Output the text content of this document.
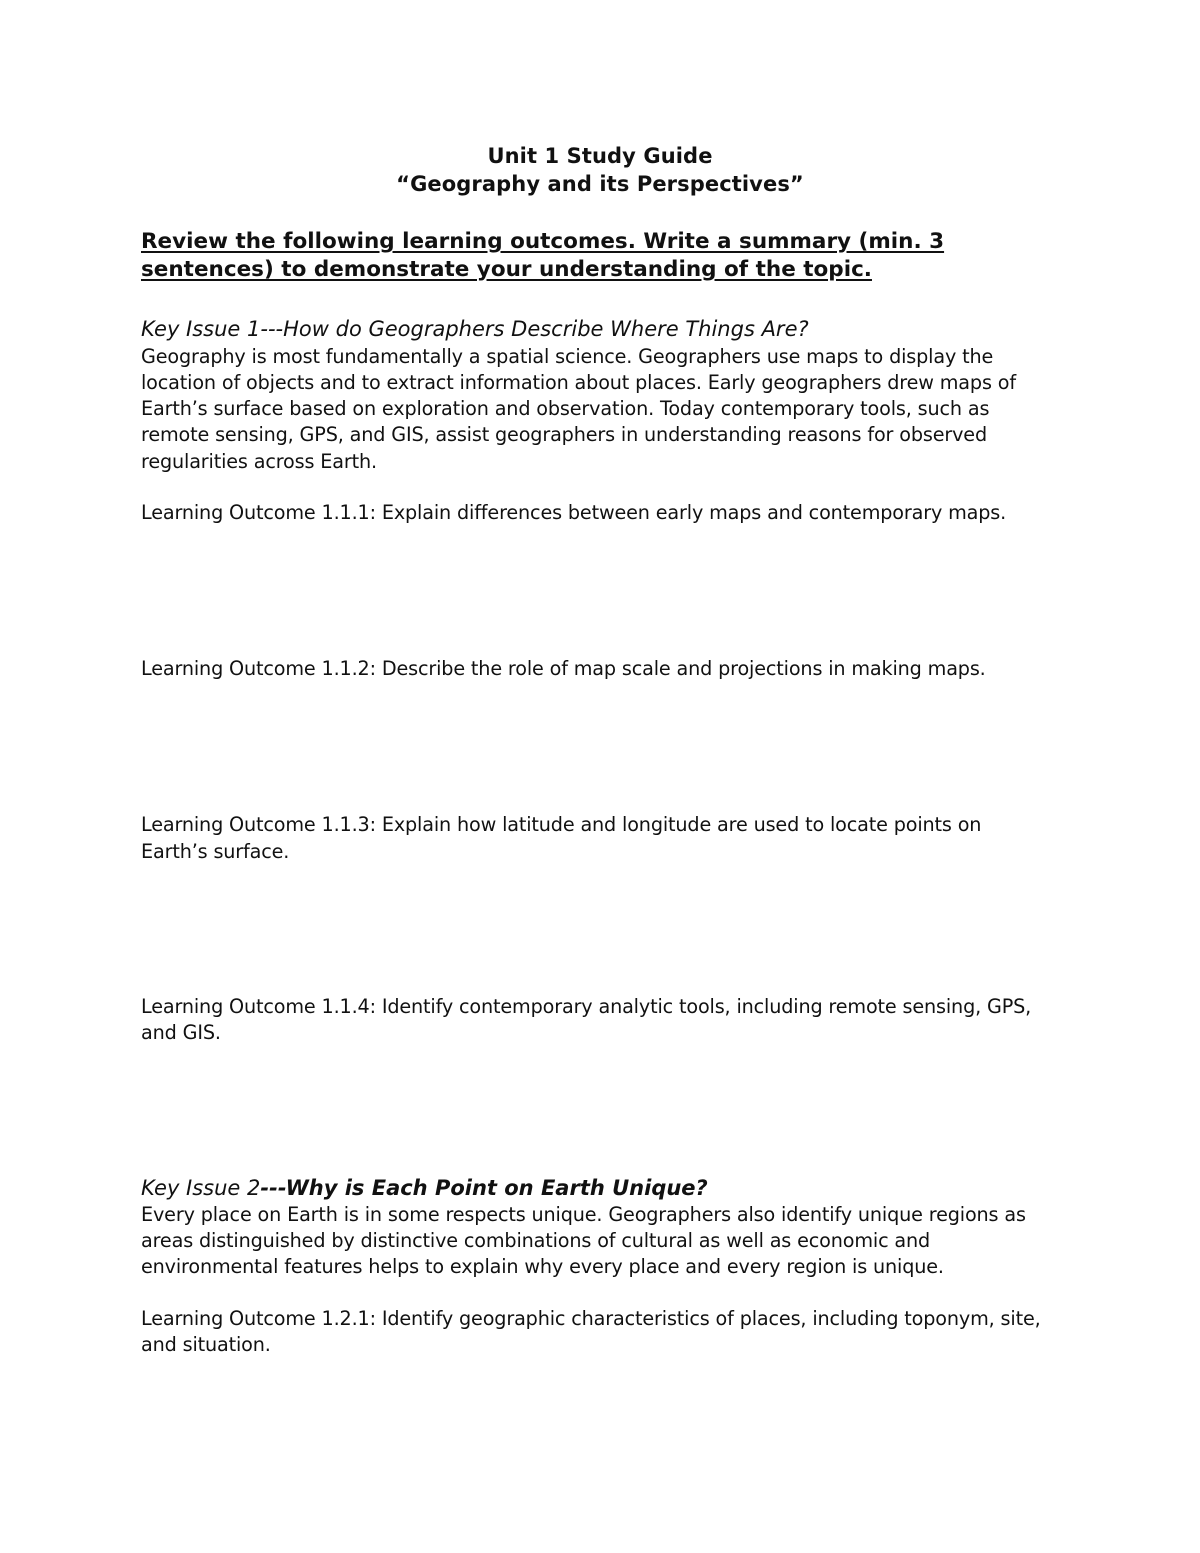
Unit 1 Study Guide
“Geography and its Perspectives”
Review the following learning outcomes. Write a summary (min. 3
sentences) to demonstrate your understanding of the topic.
Key Issue 1---How do Geographers Describe Where Things Are?
Geography is most fundamentally a spatial science. Geographers use maps to display the
location of objects and to extract information about places. Early geographers drew maps of
Earth’s surface based on exploration and observation. Today contemporary tools, such as
remote sensing, GPS, and GIS, assist geographers in understanding reasons for observed
regularities across Earth.
Learning Outcome 1.1.1: Explain differences between early maps and contemporary maps.
Learning Outcome 1.1.2: Describe the role of map scale and projections in making maps.
Learning Outcome 1.1.3: Explain how latitude and longitude are used to locate points on
Earth’s surface.
Learning Outcome 1.1.4: Identify contemporary analytic tools, including remote sensing, GPS,
and GIS.
Key Issue 2---Why is Each Point on Earth Unique?
Every place on Earth is in some respects unique. Geographers also identify unique regions as
areas distinguished by distinctive combinations of cultural as well as economic and
environmental features helps to explain why every place and every region is unique.
Learning Outcome 1.2.1: Identify geographic characteristics of places, including toponym, site,
and situation.
